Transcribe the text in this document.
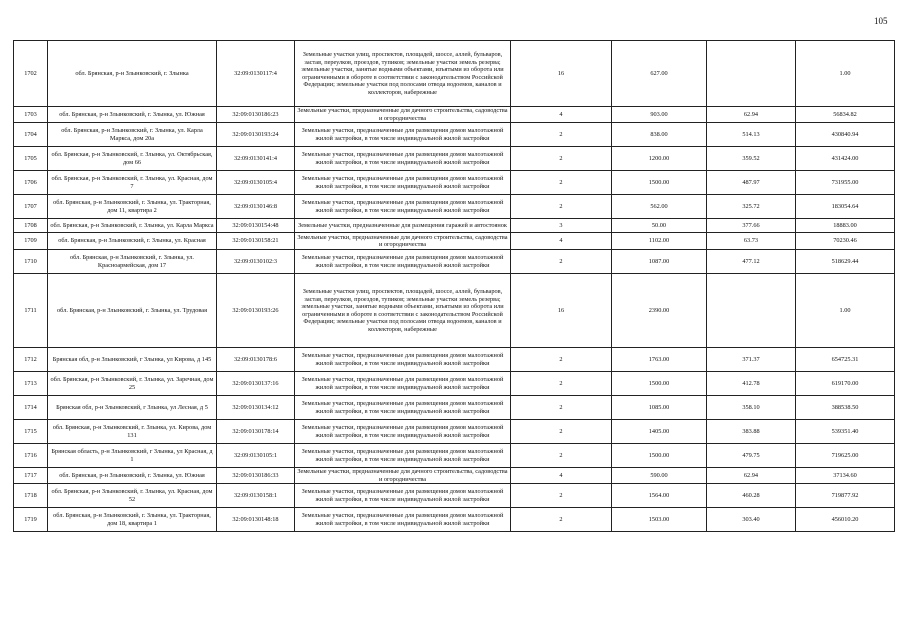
105
1702	обл. Брянская, р-н Злынковский, г. Злынка	32:09:0130117:4	Земельные участки улиц, проспектов, площадей, шоссе, аллей, бульваров, застав, переулков, проездов, тупиков; земельные участки земель резерва; земельные участки, занятые водными объектами, изъятыми из оборота или ограниченными в обороте в соответствии с законодательством Российской Федерации; земельные участки под полосами отвода водоемов, каналов и коллекторов, набережные	16	627.00		1.00
1703	обл. Брянская, р-н Злынковский, г. Злынка, ул. Южная	32:09:0130186:23	Земельные участки, предназначенные для дачного строительства, садоводства и огородничества	4	903.00	62.94	56834.82
1704	обл. Брянская, р-н Злынковский, г. Злынка, ул. Карла Маркса, дом 20а	32:09:0130193:24	Земельные участки, предназначенные для размещения домов малоэтажной жилой застройки, в том числе индивидуальной жилой застройки	2	838.00	514.13	430840.94
1705	обл. Брянская, р-н Злынковский, г. Злынка, ул. Октябрьская, дом 66	32:09:0130141:4	Земельные участки, предназначенные для размещения домов малоэтажной жилой застройки, в том числе индивидуальной жилой застройки	2	1200.00	359.52	431424.00
1706	обл. Брянская, р-н Злынковский, г. Злынка, ул. Красная, дом 7	32:09:0130105:4	Земельные участки, предназначенные для размещения домов малоэтажной жилой застройки, в том числе индивидуальной жилой застройки	2	1500.00	487.97	731955.00
1707	обл. Брянская, р-н Злынковский, г. Злынка, ул. Тракторная, дом 11, квартира 2	32:09:0130146:8	Земельные участки, предназначенные для размещения домов малоэтажной жилой застройки, в том числе индивидуальной жилой застройки	2	562.00	325.72	183054.64
1708	обл. Брянская, р-н Злынковский, г. Злынка, ул. Карла Маркса	32:09:0130154:48	Земельные участки, предназначенные для размещения гаражей и автостоянок	3	50.00	377.66	18883.00
1709	обл. Брянская, р-н Злынковский, г. Злынка, ул. Красная	32:09:0130158:21	Земельные участки, предназначенные для дачного строительства, садоводства и огородничества	4	1102.00	63.73	70230.46
1710	обл. Брянская, р-н Злынковский, г. Злынка, ул. Красноармейская, дом 17	32:09:0130102:3	Земельные участки, предназначенные для размещения домов малоэтажной жилой застройки, в том числе индивидуальной жилой застройки	2	1087.00	477.12	518629.44
1711	обл. Брянская, р-н Злынковский, г. Злынка, ул. Трудовая	32:09:0130193:26	Земельные участки улиц, проспектов, площадей, шоссе, аллей, бульваров, застав, переулков, проездов, тупиков; земельные участки земель резерва; земельные участки, занятые водными объектами, изъятыми из оборота или ограниченными в обороте в соответствии с законодательством Российской Федерации; земельные участки под полосами отвода водоемов, каналов и коллекторов, набережные	16	2390.00		1.00
1712	Брянская обл, р-н Злынковский, г Злынка, ул Кирова, д 145	32:09:0130178:6	Земельные участки, предназначенные для размещения домов малоэтажной жилой застройки, в том числе индивидуальной жилой застройки	2	1763.00	371.37	654725.31
1713	обл. Брянская, р-н Злынковский, г. Злынка, ул. Заречная, дом 25	32:09:0130137:16	Земельные участки, предназначенные для размещения домов малоэтажной жилой застройки, в том числе индивидуальной жилой застройки	2	1500.00	412.78	619170.00
1714	Брянская обл, р-н Злынковский, г Злынка, ул Лесная, д 5	32:09:0130134:12	Земельные участки, предназначенные для размещения домов малоэтажной жилой застройки, в том числе индивидуальной жилой застройки	2	1085.00	358.10	388538.50
1715	обл. Брянская, р-н Злынковский, г. Злынка, ул. Кирова, дом 131	32:09:0130178:14	Земельные участки, предназначенные для размещения домов малоэтажной жилой застройки, в том числе индивидуальной жилой застройки	2	1405.00	383.88	539351.40
1716	Брянская область, р-н Злынковский, г Злынка, ул Красная, д 1	32:09:0130105:1	Земельные участки, предназначенные для размещения домов малоэтажной жилой застройки, в том числе индивидуальной жилой застройки	2	1500.00	479.75	719625.00
1717	обл. Брянская, р-н Злынковский, г. Злынка, ул. Южная	32:09:0130186:33	Земельные участки, предназначенные для дачного строительства, садоводства и огородничества	4	590.00	62.94	37134.60
1718	обл. Брянская, р-н Злынковский, г. Злынка, ул. Красная, дом 52	32:09:0130158:1	Земельные участки, предназначенные для размещения домов малоэтажной жилой застройки, в том числе индивидуальной жилой застройки	2	1564.00	460.28	719877.92
1719	обл. Брянская, р-н Злынковский, г. Злынка, ул. Тракторная, дом 18, квартира 1	32:09:0130148:18	Земельные участки, предназначенные для размещения домов малоэтажной жилой застройки, в том числе индивидуальной жилой застройки	2	1503.00	303.40	456010.20
